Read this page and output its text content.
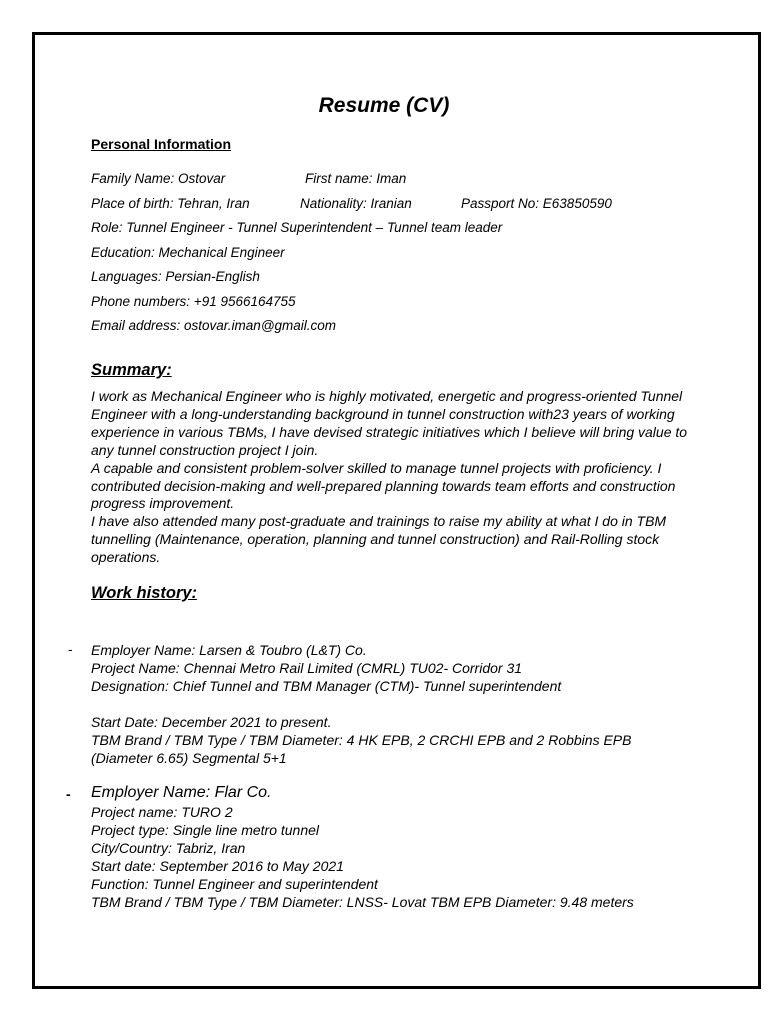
Resume (CV)
Personal Information
Family Name: Ostovar	First name: Iman
Place of birth: Tehran, Iran	Nationality: Iranian	Passport No: E63850590
Role: Tunnel Engineer - Tunnel Superintendent – Tunnel team leader
Education: Mechanical Engineer
Languages: Persian-English
Phone numbers: +91 9566164755
Email address: ostovar.iman@gmail.com
Summary:

I work as Mechanical Engineer who is highly motivated, energetic and progress-oriented Tunnel Engineer with a long-understanding background in tunnel construction with23 years of working experience in various TBMs, I have devised strategic initiatives which I believe will bring value to any tunnel construction project I join.

A capable and consistent problem-solver skilled to manage tunnel projects with proficiency. I contributed decision-making and well-prepared planning towards team efforts and construction progress improvement.

I have also attended many post-graduate and trainings to raise my ability at what I do in TBM tunnelling (Maintenance, operation, planning and tunnel construction) and Rail-Rolling stock operations.

Work history:
- Employer Name: Larsen & Toubro (L&T) Co.
Project Name: Chennai Metro Rail Limited (CMRL) TU02- Corridor 31
Designation: Chief Tunnel and TBM Manager (CTM)- Tunnel superintendent
Start Date: December 2021 to present.
TBM Brand / TBM Type / TBM Diameter: 4 HK EPB, 2 CRCHI EPB and 2 Robbins EPB
(Diameter 6.65) Segmental 5+1
- Employer Name: Flar Co.
Project name: TURO 2
Project type: Single line metro tunnel
City/Country: Tabriz, Iran
Start date: September 2016 to May 2021
Function: Tunnel Engineer and superintendent
TBM Brand / TBM Type / TBM Diameter: LNSS- Lovat TBM EPB Diameter: 9.48 meters
